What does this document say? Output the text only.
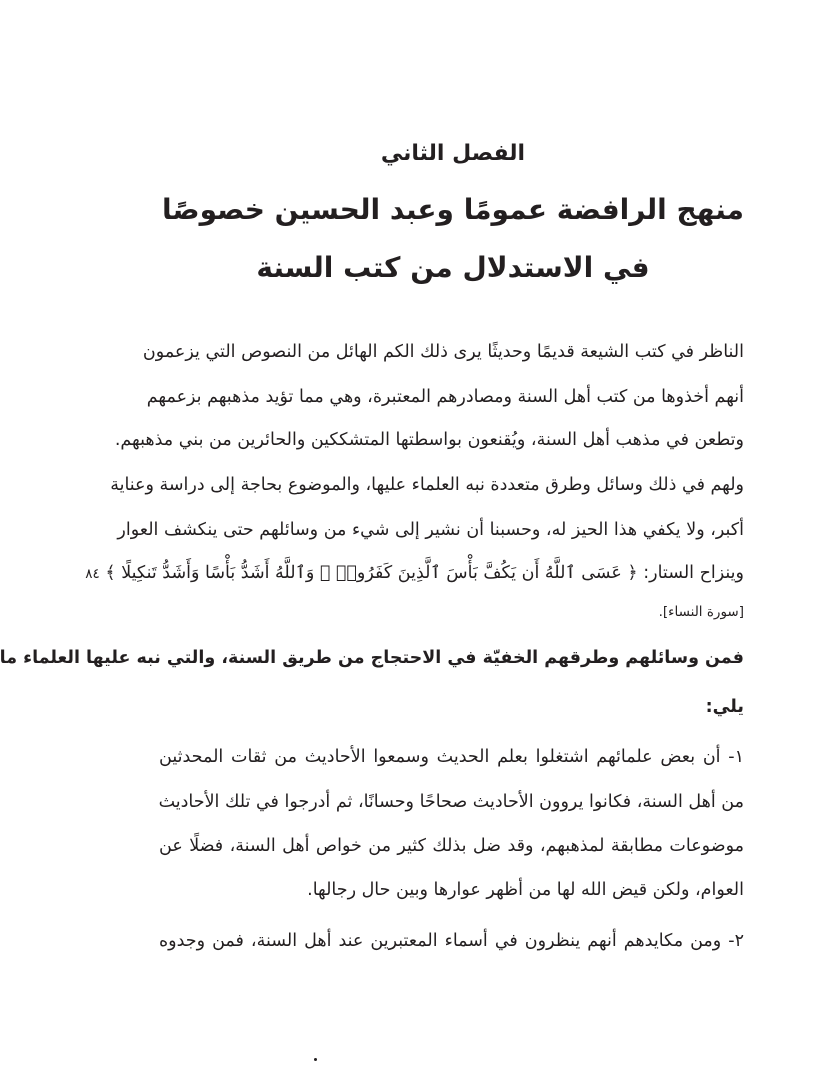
الفصل الثاني
منهج الرافضة عمومًا وعبد الحسين خصوصًا
في الاستدلال من كتب السنة
الناظر في كتب الشيعة قديمًا وحديثًا يرى ذلك الكم الهائل من النصوص التي يزعمون
أنهم أخذوها من كتب أهل السنة ومصادرهم المعتبرة، وهي مما تؤيد مذهبهم بزعمهم
وتطعن في مذهب أهل السنة، ويُقنعون بواسطتها المتشككين والحائرين من بني مذهبهم.
ولهم في ذلك وسائل وطرق متعددة نبه العلماء عليها، والموضوع بحاجة إلى دراسة وعناية
أكبر، ولا يكفي هذا الحيز له، وحسبنا أن نشير إلى شيء من وسائلهم حتى ينكشف العوار
وينزاح الستار: ﴿ عَسَى ٱللَّهُ أَن يَكُفَّ بَأْسَ ٱلَّذِينَ كَفَرُوا۟ ۚ وَٱللَّهُ أَشَدُّ بَأْسًا وَأَشَدُّ تَنكِيلًا ﴾ ٨٤
[سورة النساء].
فمن وسائلهم وطرقهم الخفيّة في الاحتجاج من طريق السنة، والتي نبه عليها العلماء ما
يلي:
١- أن بعض علمائهم اشتغلوا بعلم الحديث وسمعوا الأحاديث من ثقات المحدثين
من أهل السنة، فكانوا يروون الأحاديث صحاحًا وحسانًا، ثم أدرجوا في تلك الأحاديث
موضوعات مطابقة لمذهبهم، وقد ضل بذلك كثير من خواص أهل السنة، فضلًا عن
العوام، ولكن قيض الله لها من أظهر عوارها وبين حال رجالها.
٢- ومن مكايدهم أنهم ينظرون في أسماء المعتبرين عند أهل السنة، فمن وجدوه
